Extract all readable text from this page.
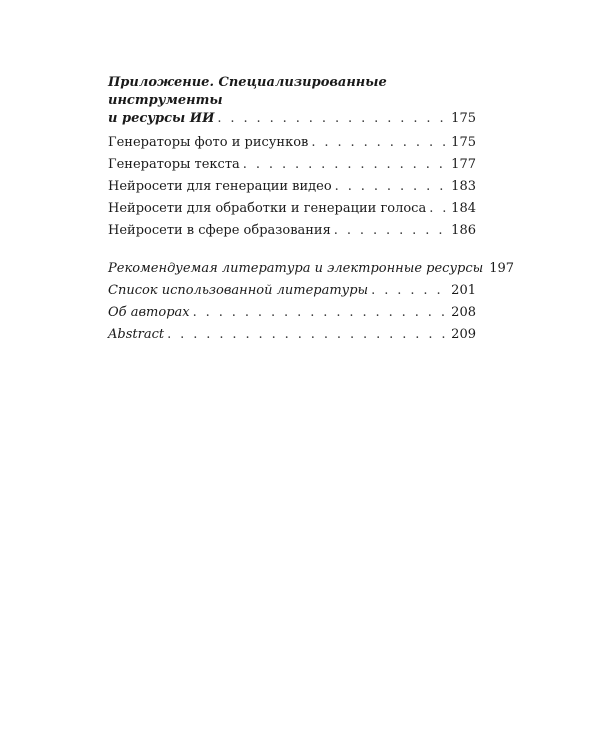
Приложение. Специализированные инструменты
и ресурсы ИИ . . .	175
Генераторы фото и рисунков . . .	175
Генераторы текста . . .	177
Нейросети для генерации видео . . .	183
Нейросети для обработки и генерации голоса . . . 184
Нейросети в сфере образования . . .	186
Рекомендуемая литература и электронные ресурсы 197
Список использованной литературы . . .	201
Об авторах . . .	208
Abstract . . .	209
